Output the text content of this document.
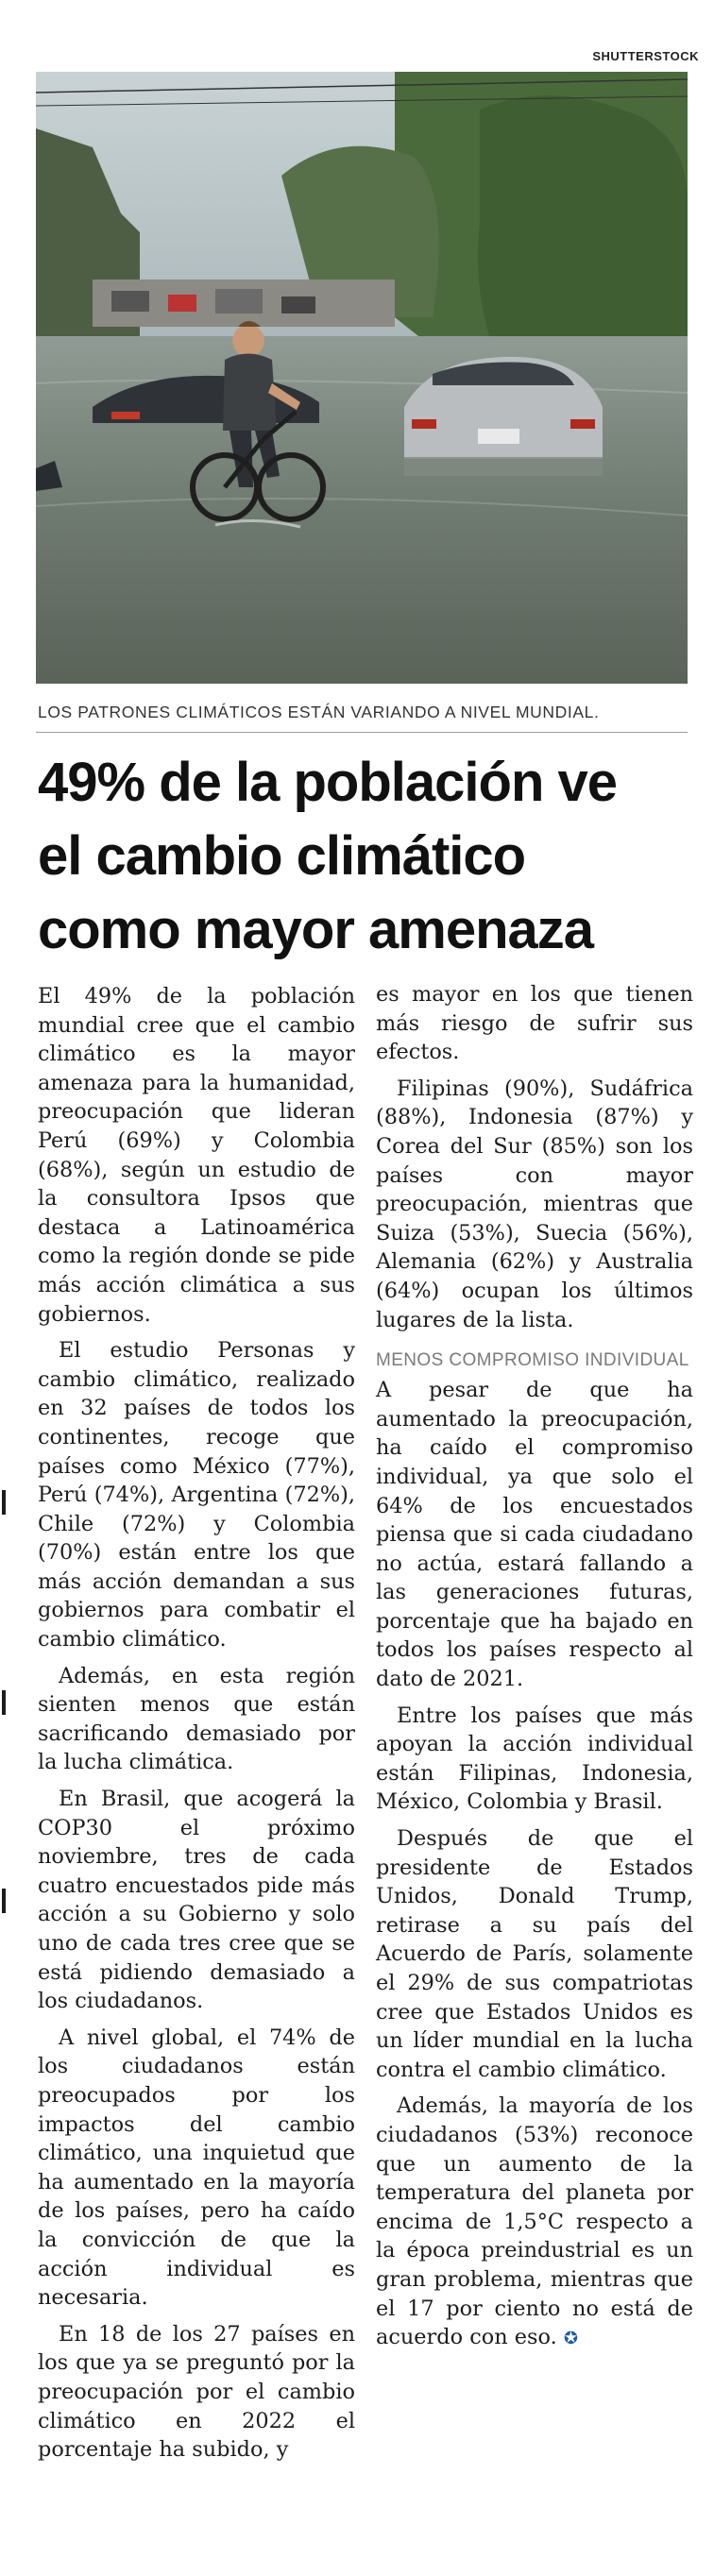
SHUTTERSTOCK
LOS PATRONES CLIMÁTICOS ESTÁN VARIANDO A NIVEL MUNDIAL.
49% de la población ve
el cambio climático
como mayor amenaza

El 49% de la población mundial cree que el cambio climático es la mayor amenaza para la humanidad, preocupación que lideran Perú (69%) y Colombia (68%), según un estudio de la consultora Ipsos que destaca a Latinoamérica como la región donde se pide más acción climática a sus gobiernos.

El estudio Personas y cambio climático, realizado en 32 países de todos los continentes, recoge que países como México (77%), Perú (74%), Argentina (72%), Chile (72%) y Colombia (70%) están entre los que más acción demandan a sus gobiernos para combatir el cambio climático.

Además, en esta región sienten menos que están sacrificando demasiado por la lucha climática.

En Brasil, que acogerá la COP30 el próximo noviembre, tres de cada cuatro encuestados pide más acción a su Gobierno y solo uno de cada tres cree que se está pidiendo demasiado a los ciudadanos.

A nivel global, el 74% de los ciudadanos están preocupados por los impactos del cambio climático, una inquietud que ha aumentado en la mayoría de los países, pero ha caído la convicción de que la acción individual es necesaria.

En 18 de los 27 países en los que ya se preguntó por la preocupación por el cambio climático en 2022 el porcentaje ha subido, y

es mayor en los que tienen más riesgo de sufrir sus efectos.

Filipinas (90%), Sudáfrica (88%), Indonesia (87%) y Corea del Sur (85%) son los países con mayor preocupación, mientras que Suiza (53%), Suecia (56%), Alemania (62%) y Australia (64%) ocupan los últimos lugares de la lista.

MENOS COMPROMISO INDIVIDUAL

A pesar de que ha aumentado la preocupación, ha caído el compromiso individual, ya que solo el 64% de los encuestados piensa que si cada ciudadano no actúa, estará fallando a las generaciones futuras, porcentaje que ha bajado en todos los países respecto al dato de 2021.

Entre los países que más apoyan la acción individual están Filipinas, Indonesia, México, Colombia y Brasil.

Después de que el presidente de Estados Unidos, Donald Trump, retirase a su país del Acuerdo de París, solamente el 29% de sus compatriotas cree que Estados Unidos es un líder mundial en la lucha contra el cambio climático.

Además, la mayoría de los ciudadanos (53%) reconoce que un aumento de la temperatura del planeta por encima de 1,5°C respecto a la época preindustrial es un gran problema, mientras que el 17 por ciento no está de acuerdo con eso. ✪
